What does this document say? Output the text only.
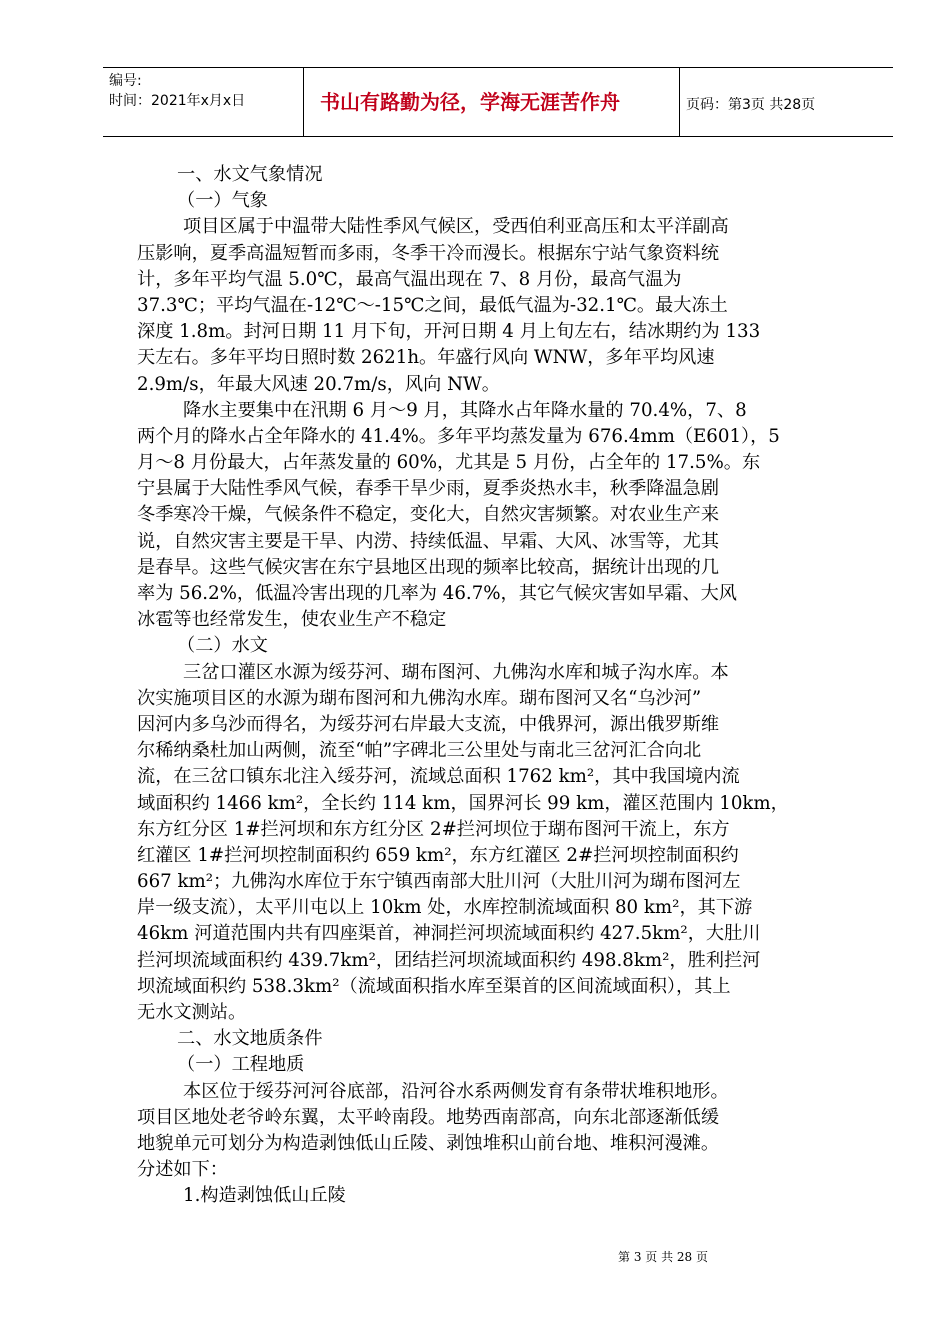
编号:
时间：2021年x月x日	书山有路勤为径，学海无涯苦作舟	页码：第3页 共28页
一、水文气象情况
（一）气象
项目区属于中温带大陆性季风气候区，受西伯利亚高压和太平洋副高
压影响，夏季高温短暂而多雨，冬季干冷而漫长。根据东宁站气象资料统
计，多年平均气温 5.0℃，最高气温出现在 7、8 月份，最高气温为
37.3℃；平均气温在-12℃～-15℃之间，最低气温为-32.1℃。最大冻土
深度 1.8m。封河日期 11 月下旬，开河日期 4 月上旬左右，结冰期约为 133
天左右。多年平均日照时数 2621h。年盛行风向 WNW，多年平均风速
2.9m/s，年最大风速 20.7m/s，风向 NW。
降水主要集中在汛期 6 月～9 月，其降水占年降水量的 70.4%，7、8
两个月的降水占全年降水的 41.4%。多年平均蒸发量为 676.4mm（E601），5
月～8 月份最大，占年蒸发量的 60%，尤其是 5 月份，占全年的 17.5%。东
宁县属于大陆性季风气候，春季干旱少雨，夏季炎热水丰，秋季降温急剧
冬季寒冷干燥，气候条件不稳定，变化大，自然灾害频繁。对农业生产来
说，自然灾害主要是干旱、内涝、持续低温、早霜、大风、冰雪等，尤其
是春旱。这些气候灾害在东宁县地区出现的频率比较高，据统计出现的几
率为 56.2%，低温冷害出现的几率为 46.7%，其它气候灾害如早霜、大风
冰雹等也经常发生，使农业生产不稳定
（二）水文
三岔口灌区水源为绥芬河、瑚布图河、九佛沟水库和城子沟水库。本
次实施项目区的水源为瑚布图河和九佛沟水库。瑚布图河又名“乌沙河”
因河内多乌沙而得名，为绥芬河右岸最大支流，中俄界河，源出俄罗斯维
尔稀纳桑杜加山两侧，流至“帕”字碑北三公里处与南北三岔河汇合向北
流，在三岔口镇东北注入绥芬河，流域总面积 1762 km²，其中我国境内流
域面积约 1466 km²，全长约 114 km，国界河长 99 km，灌区范围内 10km，
东方红分区 1#拦河坝和东方红分区 2#拦河坝位于瑚布图河干流上，东方
红灌区 1#拦河坝控制面积约 659 km²，东方红灌区 2#拦河坝控制面积约
667 km²；九佛沟水库位于东宁镇西南部大肚川河（大肚川河为瑚布图河左
岸一级支流），太平川屯以上 10km 处，水库控制流域面积 80 km²，其下游
46km 河道范围内共有四座渠首，神洞拦河坝流域面积约 427.5km²，大肚川
拦河坝流域面积约 439.7km²，团结拦河坝流域面积约 498.8km²，胜利拦河
坝流域面积约 538.3km²（流域面积指水库至渠首的区间流域面积），其上
无水文测站。
二、水文地质条件
（一）工程地质
本区位于绥芬河河谷底部，沿河谷水系两侧发育有条带状堆积地形。
项目区地处老爷岭东翼，太平岭南段。地势西南部高，向东北部逐渐低缓
地貌单元可划分为构造剥蚀低山丘陵、剥蚀堆积山前台地、堆积河漫滩。
分述如下：
1.构造剥蚀低山丘陵
第 3 页 共 28 页
